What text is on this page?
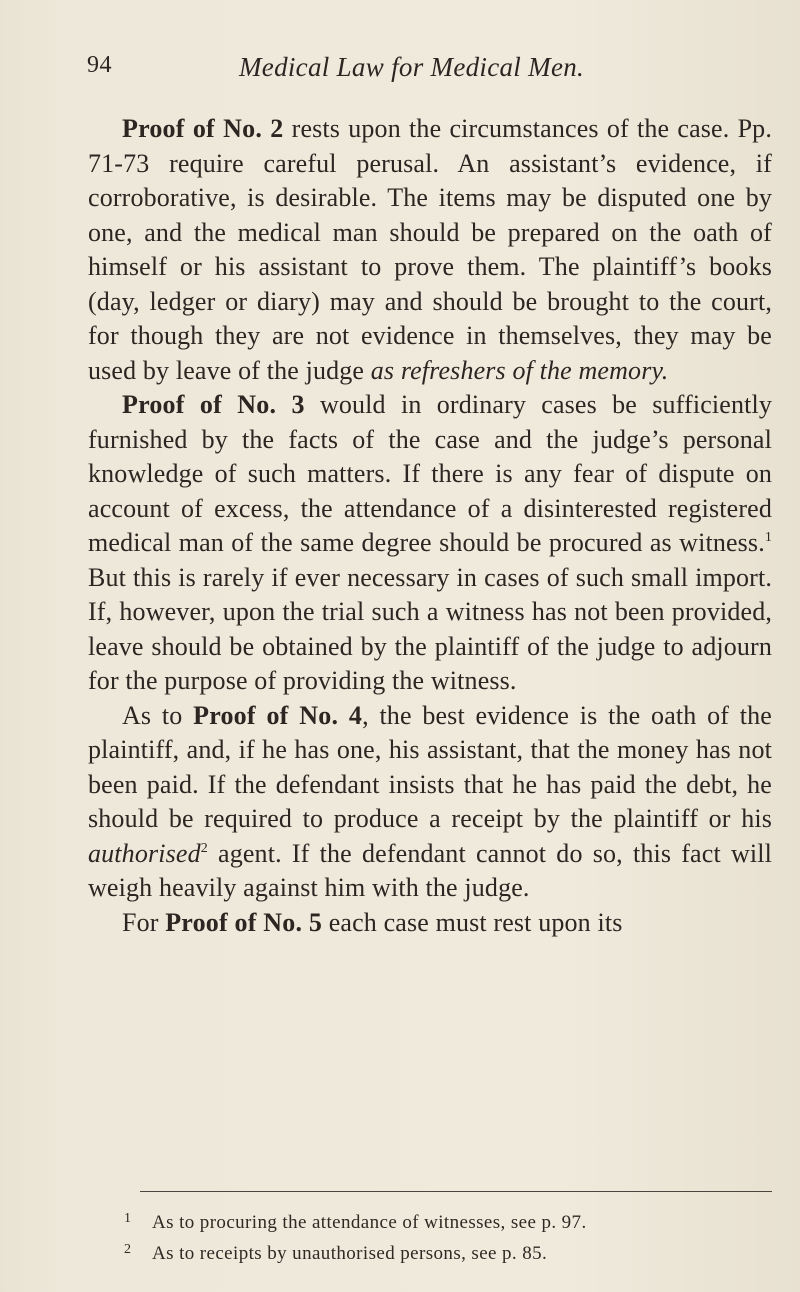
94	Medical Law for Medical Men.

Proof of No. 2 rests upon the circumstances of the case. Pp. 71-73 require careful perusal. An assistant’s evidence, if corroborative, is desirable. The items may be disputed one by one, and the medical man should be prepared on the oath of himself or his assistant to prove them. The plaintiff’s books (day, ledger or diary) may and should be brought to the court, for though they are not evidence in themselves, they may be used by leave of the judge as refreshers of the memory.

Proof of No. 3 would in ordinary cases be sufficiently furnished by the facts of the case and the judge’s personal knowledge of such matters. If there is any fear of dispute on account of excess, the attendance of a disinterested registered medical man of the same degree should be procured as witness.$^1$ But this is rarely if ever necessary in cases of such small import. If, however, upon the trial such a witness has not been provided, leave should be obtained by the plaintiff of the judge to adjourn for the purpose of providing the witness.

As to Proof of No. 4, the best evidence is the oath of the plaintiff, and, if he has one, his assistant, that the money has not been paid. If the defendant insists that he has paid the debt, he should be required to produce a receipt by the plaintiff or his authorised$^2$ agent. If the defendant cannot do so, this fact will weigh heavily against him with the judge.

For Proof of No. 5 each case must rest upon its

1 As to procuring the attendance of witnesses, see p. 97.

2 As to receipts by unauthorised persons, see p. 85.
